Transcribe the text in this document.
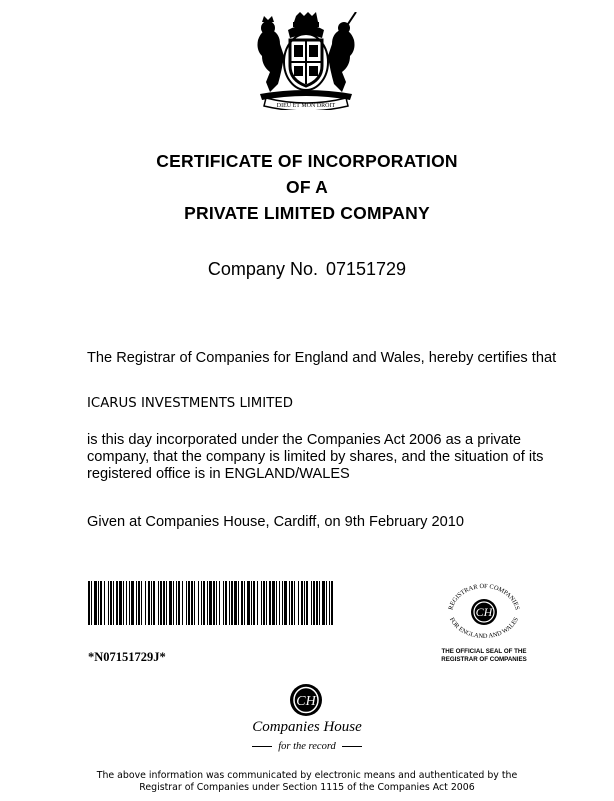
DIEU ET MON DROIT
CERTIFICATE OF INCORPORATION
OF A
PRIVATE LIMITED COMPANY
Company No. 07151729
The Registrar of Companies for England and Wales, hereby certifies that
ICARUS INVESTMENTS LIMITED
is this day incorporated under the Companies Act 2006 as a private company, that the company is limited by shares, and the situation of its registered office is in ENGLAND/WALES
Given at Companies House, Cardiff, on 9th February 2010
*N07151729J*
REGISTRAR OF COMPANIES
FOR ENGLAND AND WALES
CH
THE OFFICIAL SEAL OF THE
REGISTRAR OF COMPANIES
CH
Companies House
for the record
The above information was communicated by electronic means and authenticated by the
Registrar of Companies under Section 1115 of the Companies Act 2006
